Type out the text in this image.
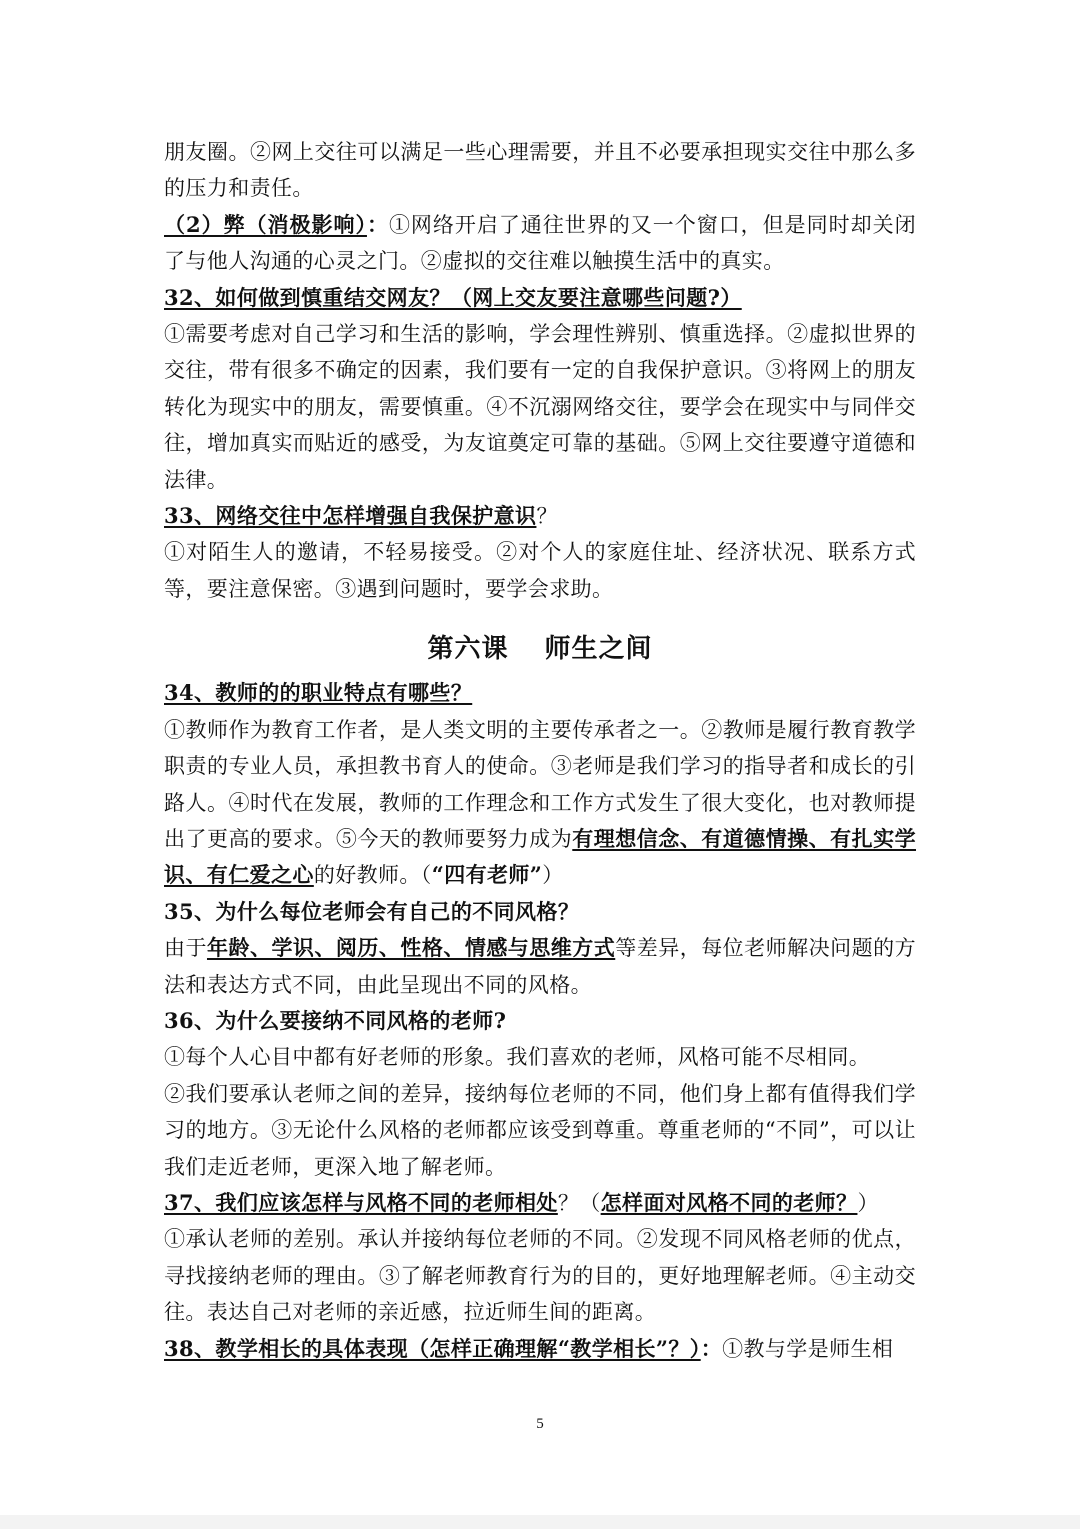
朋友圈。②网上交往可以满足一些心理需要，并且不必要承担现实交往中那么多的压力和责任。

（2）弊（消极影响）：①网络开启了通往世界的又一个窗口，但是同时却关闭了与他人沟通的心灵之门。②虚拟的交往难以触摸生活中的真实。

32、如何做到慎重结交网友？（网上交友要注意哪些问题?）

①需要考虑对自己学习和生活的影响，学会理性辨别、慎重选择。②虚拟世界的交往，带有很多不确定的因素，我们要有一定的自我保护意识。③将网上的朋友转化为现实中的朋友，需要慎重。④不沉溺网络交往，要学会在现实中与同伴交往，增加真实而贴近的感受，为友谊奠定可靠的基础。⑤网上交往要遵守道德和法律。

33、网络交往中怎样增强自我保护意识？

①对陌生人的邀请，不轻易接受。②对个人的家庭住址、经济状况、联系方式等，要注意保密。③遇到问题时，要学会求助。

第六课 师生之间

34、教师的的职业特点有哪些？

①教师作为教育工作者，是人类文明的主要传承者之一。②教师是履行教育教学职责的专业人员，承担教书育人的使命。③老师是我们学习的指导者和成长的引路人。④时代在发展，教师的工作理念和工作方式发生了很大变化，也对教师提出了更高的要求。⑤今天的教师要努力成为有理想信念、有道德情操、有扎实学识、有仁爱之心的好教师。（“四有老师”）

35、为什么每位老师会有自己的不同风格？

由于年龄、学识、阅历、性格、情感与思维方式等差异，每位老师解决问题的方法和表达方式不同，由此呈现出不同的风格。

36、为什么要接纳不同风格的老师?

①每个人心目中都有好老师的形象。我们喜欢的老师，风格可能不尽相同。

②我们要承认老师之间的差异，接纳每位老师的不同，他们身上都有值得我们学习的地方。③无论什么风格的老师都应该受到尊重。尊重老师的“不同”，可以让我们走近老师，更深入地了解老师。

37、我们应该怎样与风格不同的老师相处？（怎样面对风格不同的老师？）

①承认老师的差别。承认并接纳每位老师的不同。②发现不同风格老师的优点，寻找接纳老师的理由。③了解老师教育行为的目的，更好地理解老师。④主动交往。表达自己对老师的亲近感，拉近师生间的距离。

38、教学相长的具体表现（怎样正确理解“教学相长”？）：①教与学是师生相

5
